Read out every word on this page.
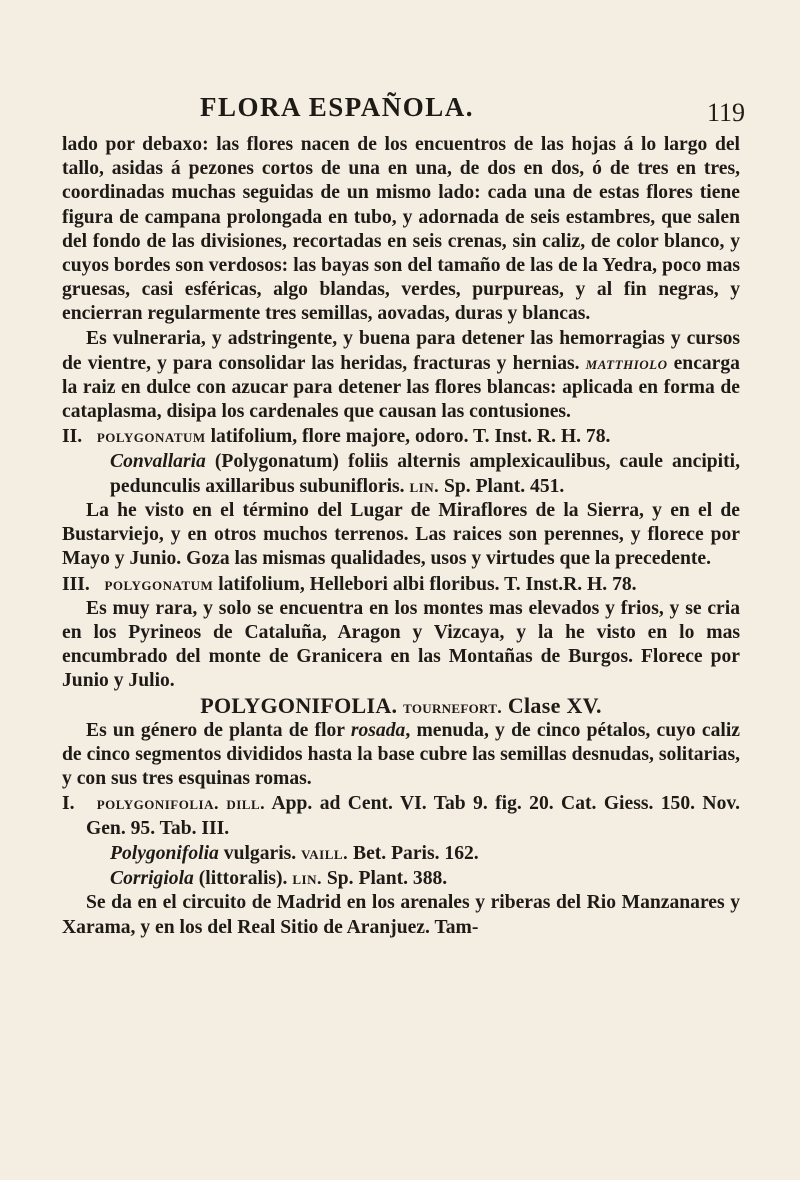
FLORA ESPAÑOLA.	119

lado por debaxo: las flores nacen de los encuentros de las hojas á lo largo del tallo, asidas á pezones cortos de una en una, de dos en dos, ó de tres en tres, coordinadas muchas seguidas de un mismo lado: cada una de estas flores tiene figura de campana prolongada en tubo, y adornada de seis estambres, que salen del fondo de las divisiones, recortadas en seis crenas, sin caliz, de color blanco, y cuyos bordes son verdosos: las bayas son del tamaño de las de la Yedra, poco mas gruesas, casi esféricas, algo blandas, verdes, purpureas, y al fin negras, y encierran regularmente tres semillas, aovadas, duras y blancas.

Es vulneraria, y adstringente, y buena para detener las hemorragias y cursos de vientre, y para consolidar las heridas, fracturas y hernias. matthiolo encarga la raiz en dulce con azucar para detener las flores blancas: aplicada en forma de cataplasma, disipa los cardenales que causan las contusiones.

II. polygonatum latifolium, flore majore, odoro. T. Inst. R. H. 78.

Convallaria (Polygonatum) foliis alternis amplexicaulibus, caule ancipiti, pedunculis axillaribus subunifloris. lin. Sp. Plant. 451.

La he visto en el término del Lugar de Miraflores de la Sierra, y en el de Bustarviejo, y en otros muchos terrenos. Las raices son perennes, y florece por Mayo y Junio. Goza las mismas qualidades, usos y virtudes que la precedente.

III. polygonatum latifolium, Hellebori albi floribus. T. Inst.R. H. 78.

Es muy rara, y solo se encuentra en los montes mas elevados y frios, y se cria en los Pyrineos de Cataluña, Aragon y Vizcaya, y la he visto en lo mas encumbrado del monte de Granicera en las Montañas de Burgos. Florece por Junio y Julio.

POLYGONIFOLIA. tournefort. Clase XV.

Es un género de planta de flor rosada, menuda, y de cinco pétalos, cuyo caliz de cinco segmentos divididos hasta la base cubre las semillas desnudas, solitarias, y con sus tres esquinas romas.

I. polygonifolia. dill. App. ad Cent. VI. Tab 9. fig. 20. Cat. Giess. 150. Nov. Gen. 95. Tab. III.

Polygonifolia vulgaris. vaill. Bet. Paris. 162.

Corrigiola (littoralis). lin. Sp. Plant. 388.

Se da en el circuito de Madrid en los arenales y riberas del Rio Manzanares y Xarama, y en los del Real Sitio de Aranjuez. Tam-
